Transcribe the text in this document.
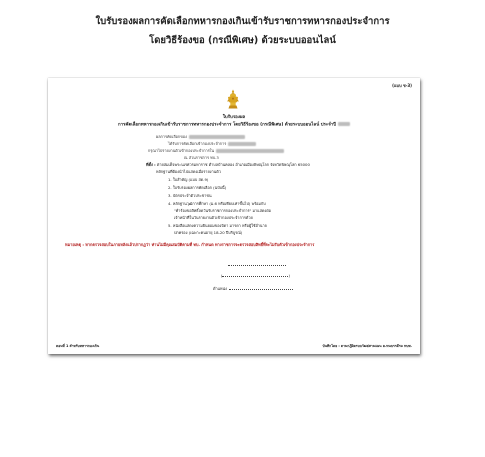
ใบรับรองผลการคัดเลือกทหารกองเกินเข้ารับราชการทหารกองประจำการ
โดยวิธีร้องขอ (กรณีพิเศษ) ด้วยระบบออนไลน์
(แบบ ช-3)
ใบรับรองผล
การคัดเลือกทหารกองเกินเข้ารับราชการทหารกองประจำการ โดยวิธีร้องขอ (กรณีพิเศษ) ด้วยระบบออนไลน์ ประจำปี
ผลการคัดเลือกของ
ได้รับการคัดเลือกเข้ากองประจำการ
กรุณาไปรายงานตัวเข้ากองประจำการใน
ณ ส่วนราชการ ทบ.3
ที่ตั้ง : ต่ายสมเด็จพระนเรศวรมหาราช ตำบลบ้านคลอง อำเภอเมืองพิษณุโลก จังหวัดพิษณุโลก 65000
หลักฐานที่ต้องนำไปแสดงเมื่อรายงานตัว
1. ใบสำคัญ (แบบ สด.9)
2. ใบรับรองผลการคัดเลือก (ฉบับนี้)
3. บัตรประจำตัวประชาชน
4. หลักฐานวุฒิการศึกษา (ม.6 หรือเทียบเท่าขึ้นไป) พร้อมกับ
"คำร้องขอสิทธิ์ลดวันรับราชการกองประจำการ" มาแสดงต่อ
เจ้าหน้าที่ในวันรายงานตัวเข้ากองประจำการด้วย
5. หนังสือแสดงความยินยอมของบิดา มารดา หรือผู้ใช้อำนาจ
ปกครอง (เฉพาะคนอายุ 18-20 ปีบริบูรณ์)
หมายเหตุ : หากตรวจสอบในภายหลังแล้วปรากฏว่า ท่านไม่มีคุณสมบัติตามที่ ทบ. กำหนด ทางราชการจะตรวจสอบสิทธิ์ที่จะไม่รับตัวเข้ากองประจำการ
(	)
ตำแหน่ง
ตอนที่ 1 สำหรับทหารกองเกิน	บันทึกโดย : ตามกฎีผิดรบบวัฒย่สามแผน ค.ทนบรรดีรม ทบท.
